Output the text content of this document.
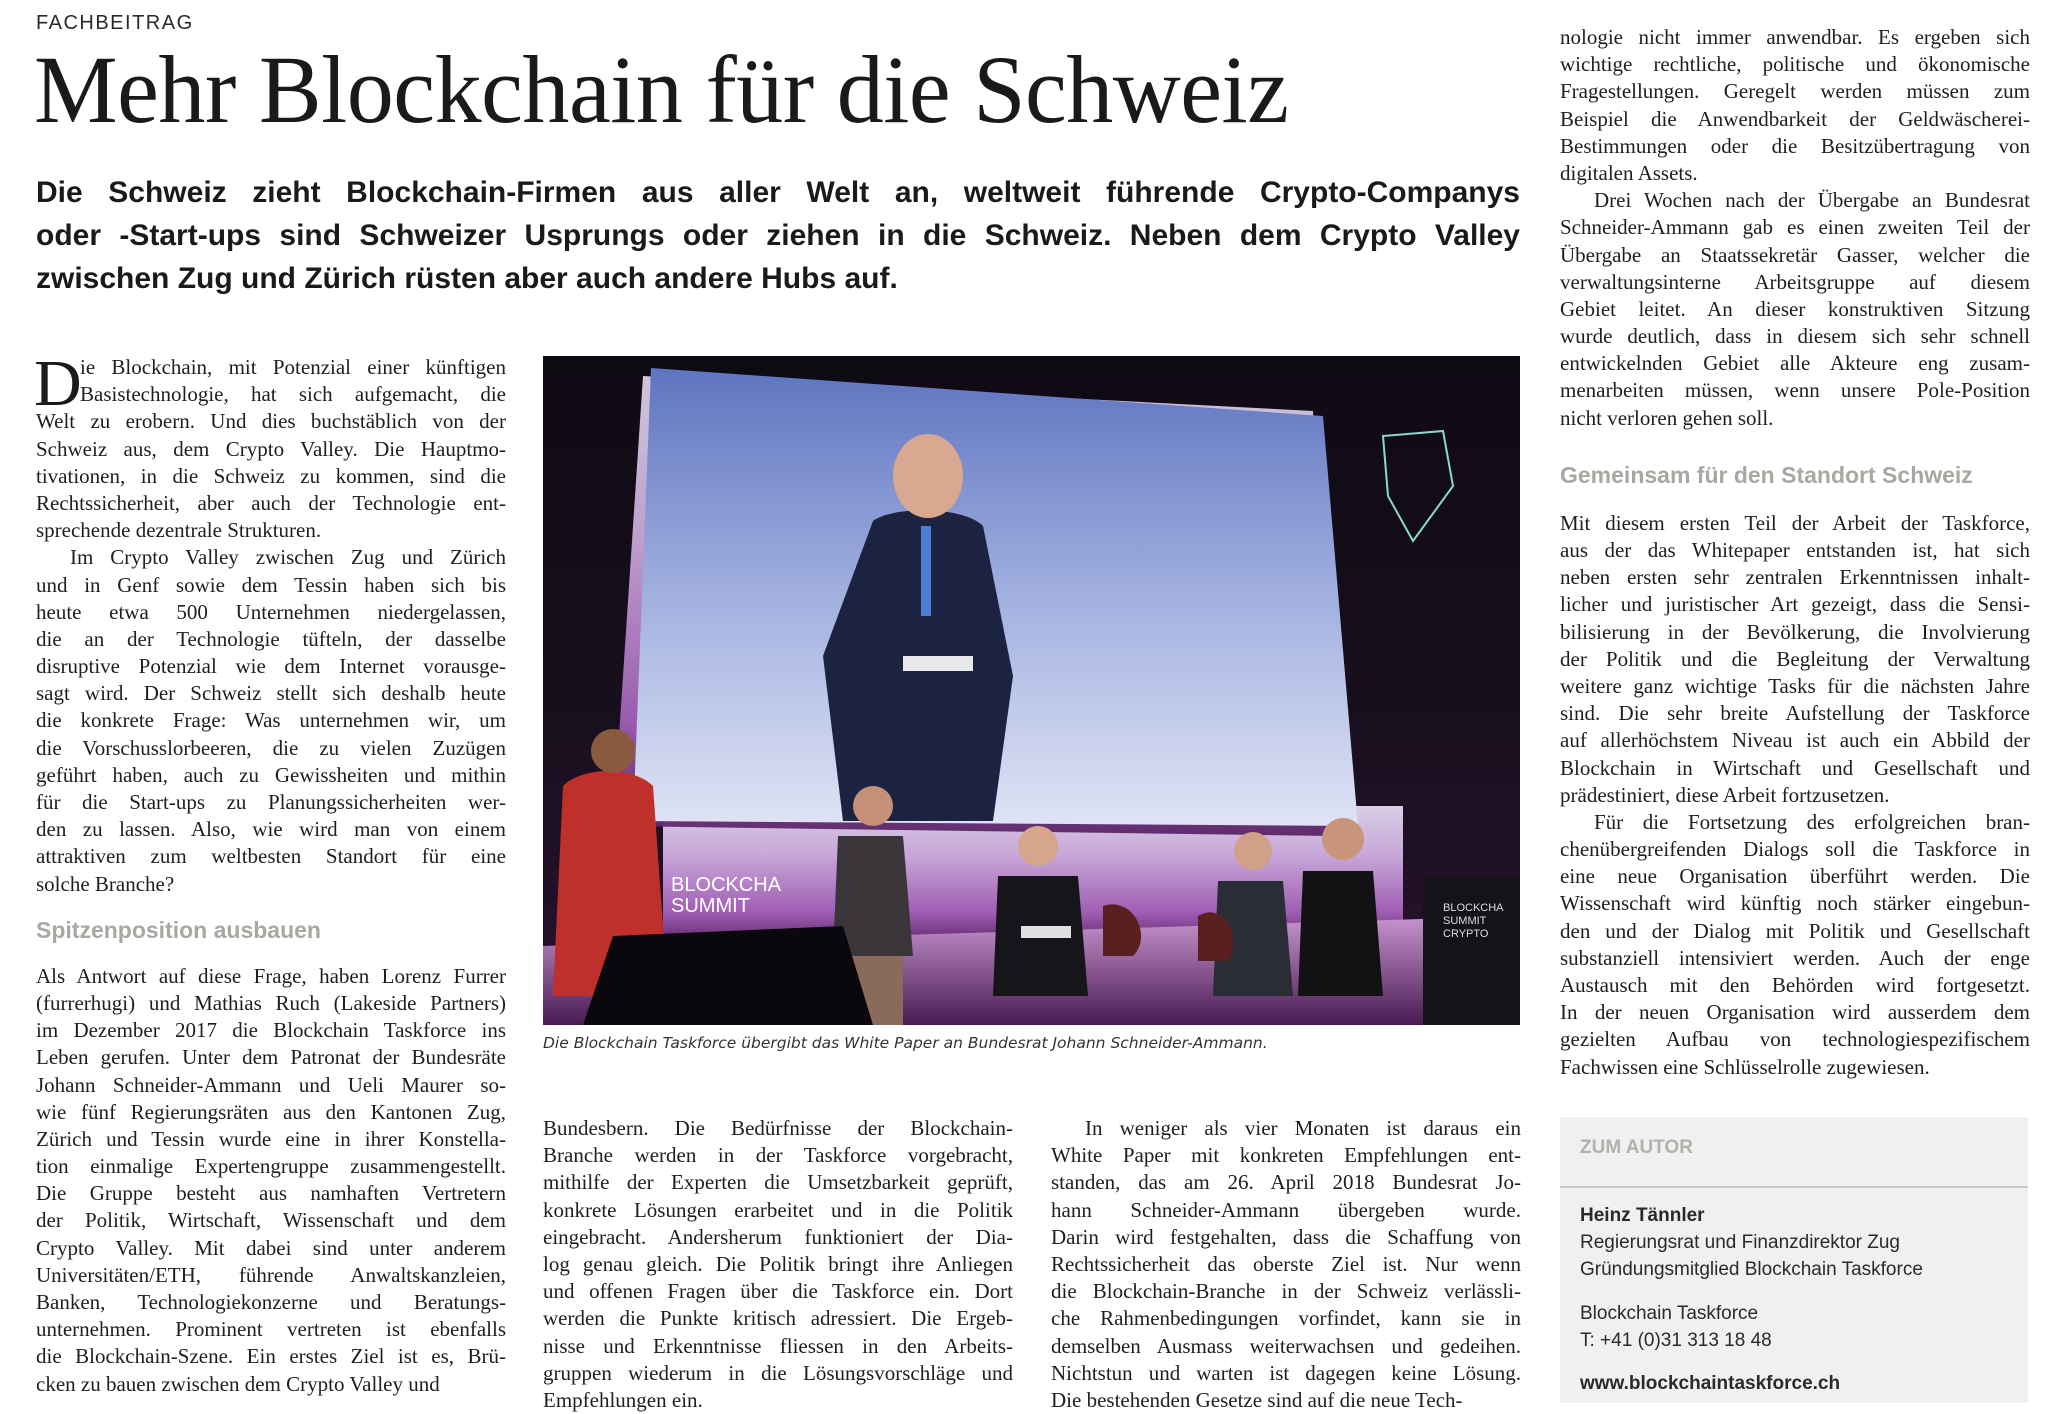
FACHBEITRAG
Mehr Blockchain für die Schweiz
Die Schweiz zieht Blockchain-Firmen aus aller Welt an, weltweit führende Crypto-Companys
oder -Start-ups sind Schweizer Usprungs oder ziehen in die Schweiz. Neben dem Crypto Valley
zwischen Zug und Zürich rüsten aber auch andere Hubs auf.
D
ie Blockchain, mit Potenzial einer künftigen
Basistechnologie, hat sich aufgemacht, die
Welt zu erobern. Und dies buchstäblich von der
Schweiz aus, dem Crypto Valley. Die Hauptmo-
tivationen, in die Schweiz zu kommen, sind die
Rechtssicherheit, aber auch der Technologie ent-
sprechende dezentrale Strukturen.
Im Crypto Valley zwischen Zug und Zürich
und in Genf sowie dem Tessin haben sich bis
heute etwa 500 Unternehmen niedergelassen,
die an der Technologie tüfteln, der dasselbe
disruptive Potenzial wie dem Internet vorausge-
sagt wird. Der Schweiz stellt sich deshalb heute
die konkrete Frage: Was unternehmen wir, um
die Vorschusslorbeeren, die zu vielen Zuzügen
geführt haben, auch zu Gewissheiten und mithin
für die Start-ups zu Planungssicherheiten wer-
den zu lassen. Also, wie wird man von einem
attraktiven zum weltbesten Standort für eine
solche Branche?
Spitzenposition ausbauen
Als Antwort auf diese Frage, haben Lorenz Furrer
(furrerhugi) und Mathias Ruch (Lakeside Partners)
im Dezember 2017 die Blockchain Taskforce ins
Leben gerufen. Unter dem Patronat der Bundesräte
Johann Schneider-Ammann und Ueli Maurer so-
wie fünf Regierungsräten aus den Kantonen Zug,
Zürich und Tessin wurde eine in ihrer Konstella-
tion einmalige Expertengruppe zusammengestellt.
Die Gruppe besteht aus namhaften Vertretern
der Politik, Wirtschaft, Wissenschaft und dem
Crypto Valley. Mit dabei sind unter anderem
Universitäten/ETH, führende Anwaltskanzleien,
Banken, Technologiekonzerne und Beratungs-
unternehmen. Prominent vertreten ist ebenfalls
die Blockchain-Szene. Ein erstes Ziel ist es, Brü-
cken zu bauen zwischen dem Crypto Valley und
BLOCKCHA
SUMMIT	BLOCKCHA
SUMMIT
CRYPTO
Die Blockchain Taskforce übergibt das White Paper an Bundesrat Johann Schneider-Ammann.
Bundesbern. Die Bedürfnisse der Blockchain-
Branche werden in der Taskforce vorgebracht,
mithilfe der Experten die Umsetzbarkeit geprüft,
konkrete Lösungen erarbeitet und in die Politik
eingebracht. Andersherum funktioniert der Dia-
log genau gleich. Die Politik bringt ihre Anliegen
und offenen Fragen über die Taskforce ein. Dort
werden die Punkte kritisch adressiert. Die Ergeb-
nisse und Erkenntnisse fliessen in den Arbeits-
gruppen wiederum in die Lösungsvorschläge und
Empfehlungen ein.
In weniger als vier Monaten ist daraus ein
White Paper mit konkreten Empfehlungen ent-
standen, das am 26. April 2018 Bundesrat Jo-
hann Schneider-Ammann übergeben wurde.
Darin wird festgehalten, dass die Schaffung von
Rechtssicherheit das oberste Ziel ist. Nur wenn
die Blockchain-Branche in der Schweiz verlässli-
che Rahmenbedingungen vorfindet, kann sie in
demselben Ausmass weiterwachsen und gedeihen.
Nichtstun und warten ist dagegen keine Lösung.
Die bestehenden Gesetze sind auf die neue Tech-
nologie nicht immer anwendbar. Es ergeben sich
wichtige rechtliche, politische und ökonomische
Fragestellungen. Geregelt werden müssen zum
Beispiel die Anwendbarkeit der Geldwäscherei-
Bestimmungen oder die Besitzübertragung von
digitalen Assets.
Drei Wochen nach der Übergabe an Bundesrat
Schneider-Ammann gab es einen zweiten Teil der
Übergabe an Staatssekretär Gasser, welcher die
verwaltungsinterne Arbeitsgruppe auf diesem
Gebiet leitet. An dieser konstruktiven Sitzung
wurde deutlich, dass in diesem sich sehr schnell
entwickelnden Gebiet alle Akteure eng zusam-
menarbeiten müssen, wenn unsere Pole-Position
nicht verloren gehen soll.
Gemeinsam für den Standort Schweiz
Mit diesem ersten Teil der Arbeit der Taskforce,
aus der das Whitepaper entstanden ist, hat sich
neben ersten sehr zentralen Erkenntnissen inhalt-
licher und juristischer Art gezeigt, dass die Sensi-
bilisierung in der Bevölkerung, die Involvierung
der Politik und die Begleitung der Verwaltung
weitere ganz wichtige Tasks für die nächsten Jahre
sind. Die sehr breite Aufstellung der Taskforce
auf allerhöchstem Niveau ist auch ein Abbild der
Blockchain in Wirtschaft und Gesellschaft und
prädestiniert, diese Arbeit fortzusetzen.
Für die Fortsetzung des erfolgreichen bran-
chenübergreifenden Dialogs soll die Taskforce in
eine neue Organisation überführt werden. Die
Wissenschaft wird künftig noch stärker eingebun-
den und der Dialog mit Politik und Gesellschaft
substanziell intensiviert werden. Auch der enge
Austausch mit den Behörden wird fortgesetzt.
In der neuen Organisation wird ausserdem dem
gezielten Aufbau von technologiespezifischem
Fachwissen eine Schlüsselrolle zugewiesen.
ZUM AUTOR
Heinz Tännler
Regierungsrat und Finanzdirektor Zug
Gründungsmitglied Blockchain Taskforce
Blockchain Taskforce
T: +41 (0)31 313 18 48
www.blockchaintaskforce.ch
